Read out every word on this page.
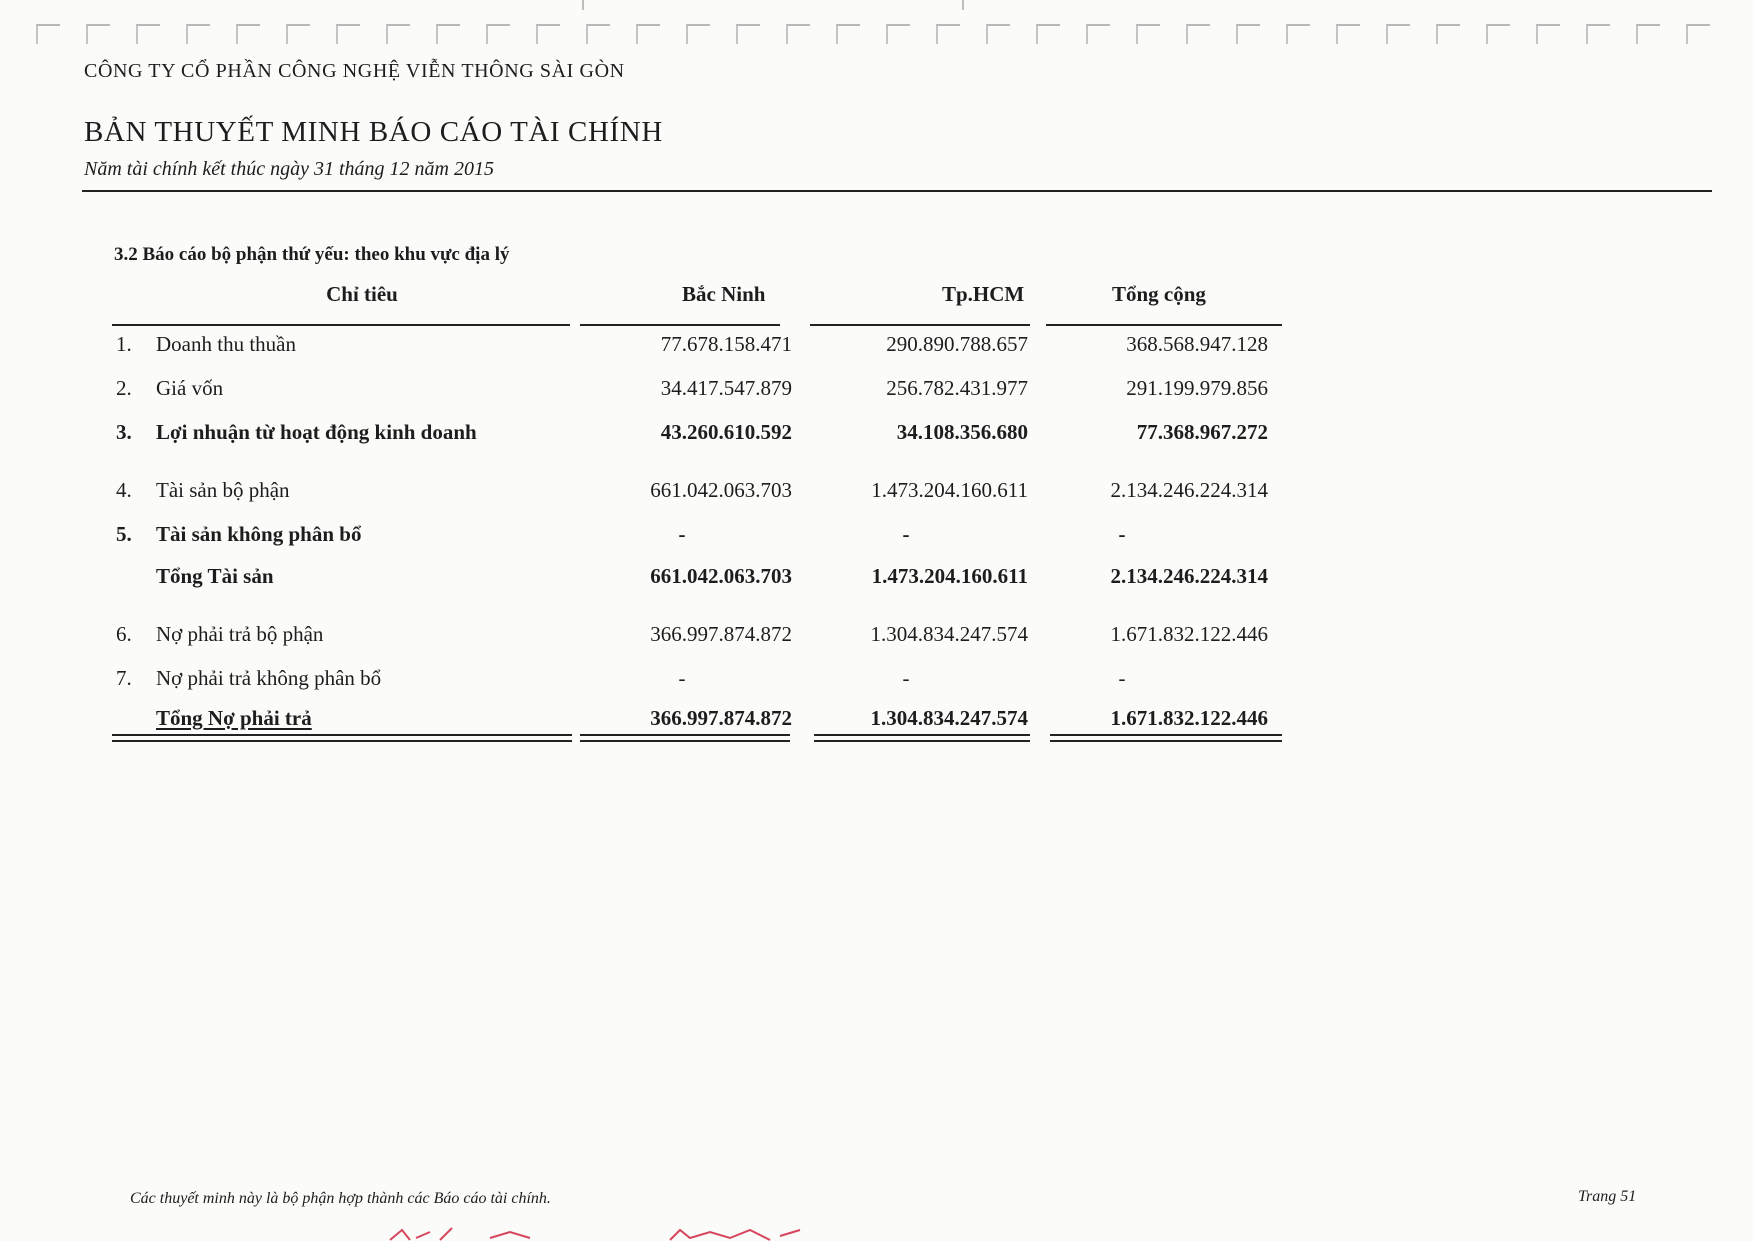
CÔNG TY CỔ PHẦN CÔNG NGHỆ VIỄN THÔNG SÀI GÒN
BẢN THUYẾT MINH BÁO CÁO TÀI CHÍNH
Năm tài chính kết thúc ngày 31 tháng 12 năm 2015
3.2 Báo cáo bộ phận thứ yếu: theo khu vực địa lý
Chỉ tiêu	Bắc Ninh	Tp.HCM	Tổng cộng
1. Doanh thu thuần	77.678.158.471	290.890.788.657	368.568.947.128
2. Giá vốn	34.417.547.879	256.782.431.977	291.199.979.856
3. Lợi nhuận từ hoạt động kinh doanh	43.260.610.592	34.108.356.680	77.368.967.272
4. Tài sản bộ phận	661.042.063.703	1.473.204.160.611	2.134.246.224.314
5. Tài sản không phân bổ	-	-	-
Tổng Tài sản	661.042.063.703	1.473.204.160.611	2.134.246.224.314
6. Nợ phải trả bộ phận	366.997.874.872	1.304.834.247.574	1.671.832.122.446
7. Nợ phải trả không phân bổ	-	-	-
Tổng Nợ phải trả	366.997.874.872	1.304.834.247.574	1.671.832.122.446
Các thuyết minh này là bộ phận hợp thành các Báo cáo tài chính.	Trang 51
